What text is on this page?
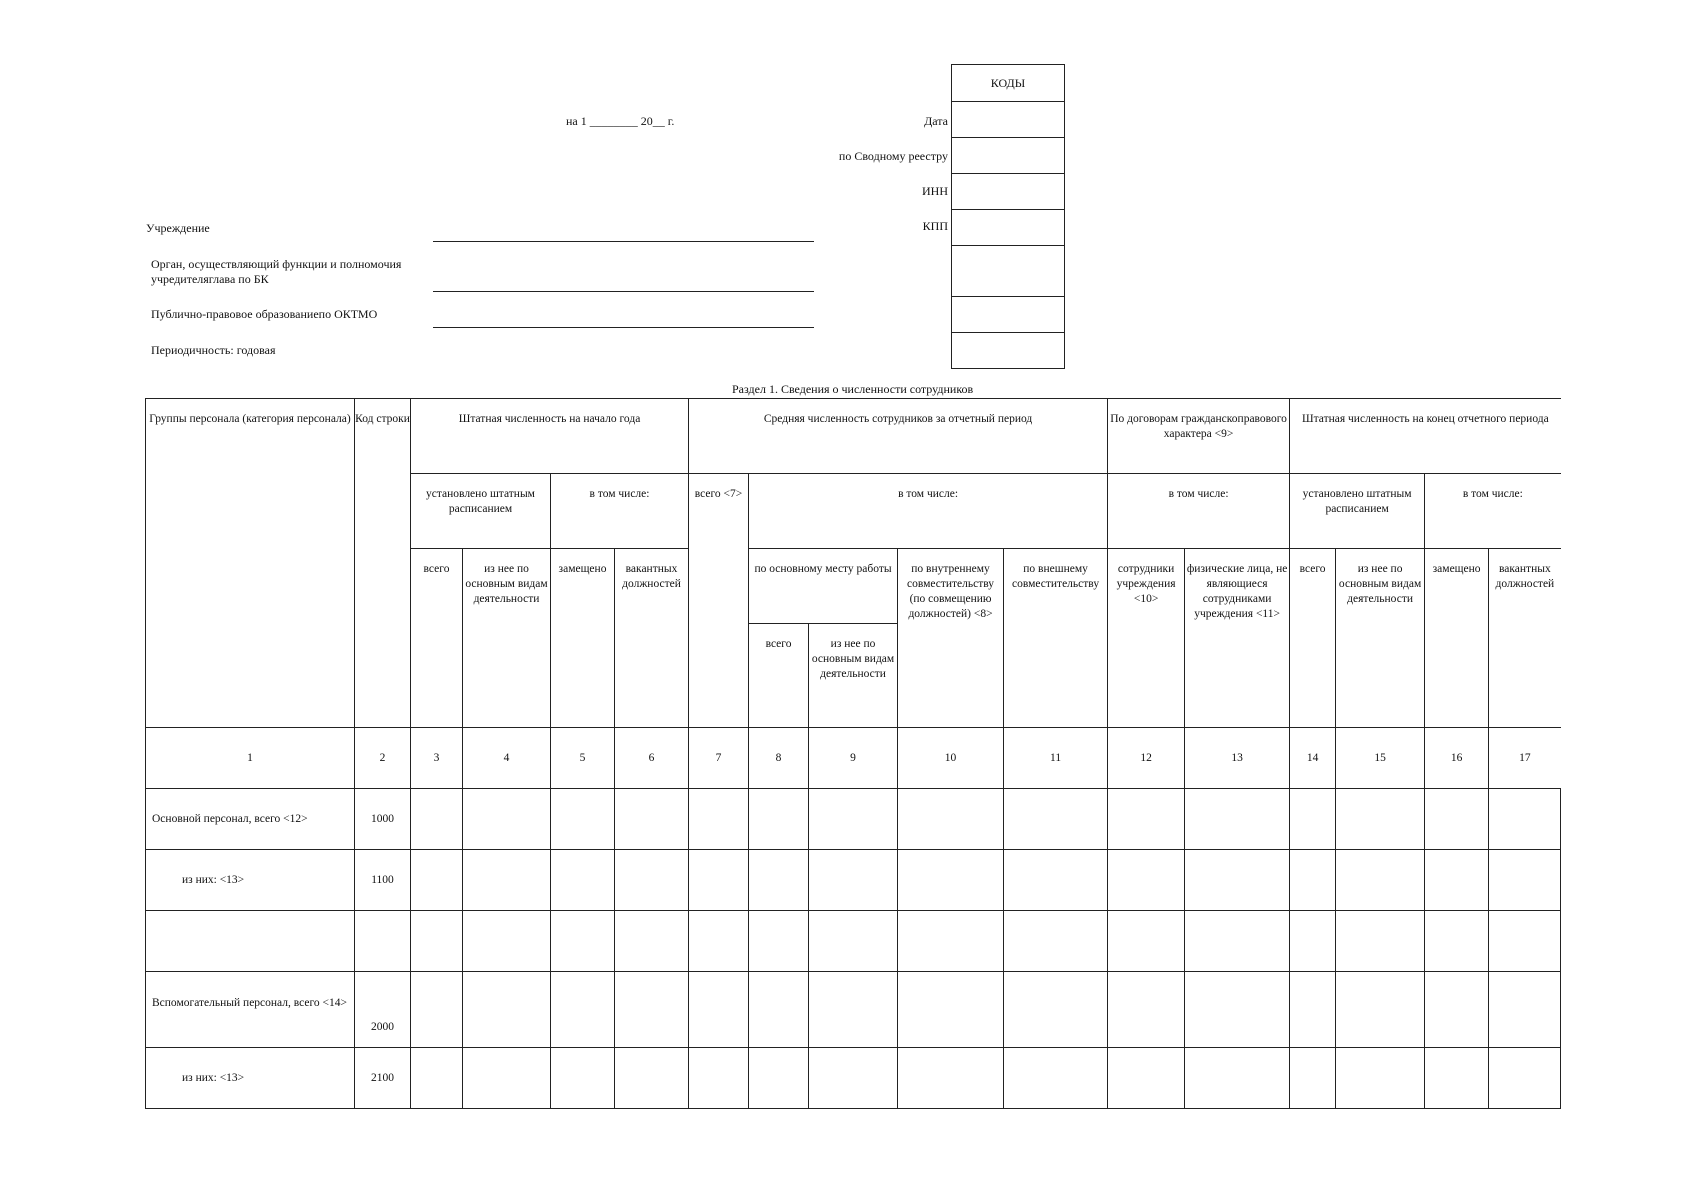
на 1 ________ 20__ г.
Учреждение
Орган, осуществляющий функции и полномочия
учредителяглава по БК
Публично-правовое образованиепо ОКТМО
Периодичность: годовая
Дата
по Сводному реестру
ИНН
КПП
КОДЫ

Раздел 1. Сведения о численности сотрудников
Группы персонала (категория персонала)	Код строки	Штатная численность на начало года				Средняя численность сотрудников за отчетный период					По договорам гражданскоправового характера <9>		Штатная численность на конец отчетного периода			
		установлено штатным расписанием		в том числе:		всего <7>	в том числе:				в том числе:		установлено штатным расписанием		в том числе:	
		всего	из нее по основным видам деятельности	замещено	вакантных должностей		по основному месту работы		по внутреннему совместительству (по совмещению должностей) <8>	по внешнему совместительству	сотрудники учреждения <10>	физические лица, не являющиеся сотрудниками учреждения <11>	всего	из нее по основным видам деятельности	замещено	вакантных должностей
							всего	из нее по основным видам деятельности								
1	2	3	4	5	6	7	8	9	10	11	12	13	14	15	16	17
Основной персонал, всего <12>	1000															
из них: <13>	1100															

Вспомогательный персонал, всего <14>	2000															
из них: <13>	2100															
